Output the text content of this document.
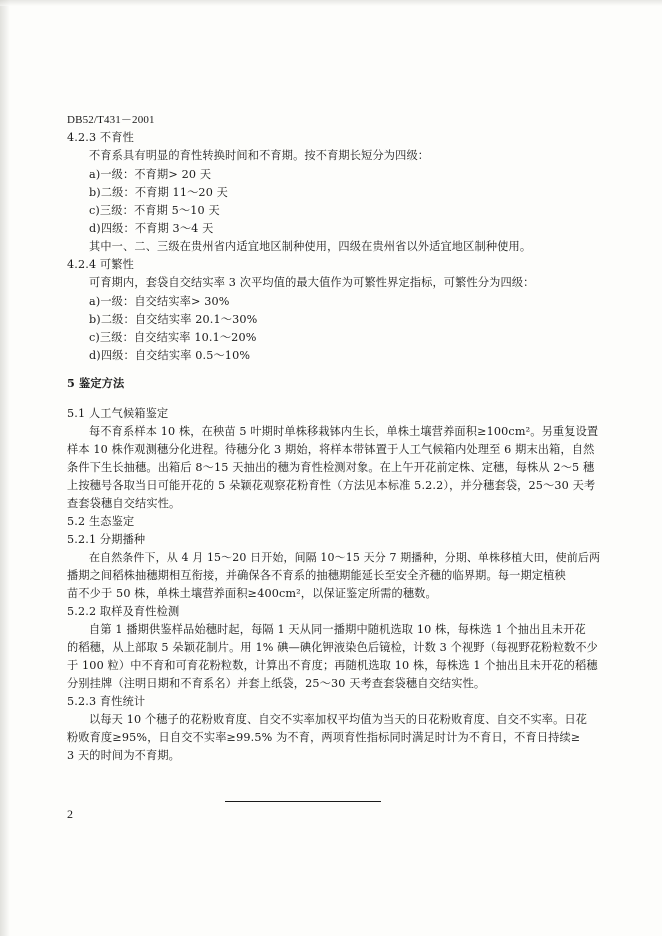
DB52/T431－2001
4.2.3 不育性
不育系具有明显的育性转换时间和不育期。按不育期长短分为四级：
a)一级：不育期> 20 天
b)二级：不育期 11～20 天
c)三级：不育期 5～10 天
d)四级：不育期 3～4 天
其中一、二、三级在贵州省内适宜地区制种使用，四级在贵州省以外适宜地区制种使用。
4.2.4 可繁性
可育期内，套袋自交结实率 3 次平均值的最大值作为可繁性界定指标，可繁性分为四级：
a)一级：自交结实率> 30%
b)二级：自交结实率 20.1～30%
c)三级：自交结实率 10.1～20%
d)四级：自交结实率 0.5～10%
5 鉴定方法
5.1 人工气候箱鉴定
每不育系样本 10 株，在秧苗 5 叶期时单株移栽钵内生长，单株土壤营养面积≥100cm²。另重复设置
样本 10 株作观测穗分化进程。待穗分化 3 期始，将样本带钵置于人工气候箱内处理至 6 期末出箱，自然
条件下生长抽穗。出箱后 8～15 天抽出的穗为育性检测对象。在上午开花前定株、定穗，每株从 2～5 穗
上按穗号各取当日可能开花的 5 朵颖花观察花粉育性（方法见本标准 5.2.2），并分穗套袋，25～30 天考
查套袋穗自交结实性。
5.2 生态鉴定
5.2.1 分期播种
在自然条件下，从 4 月 15～20 日开始，间隔 10～15 天分 7 期播种，分期、单株移植大田，使前后两
播期之间稻株抽穗期相互衔接，并确保各不育系的抽穗期能延长至安全齐穗的临界期。每一期定植秧
苗不少于 50 株，单株土壤营养面积≥400cm²，以保证鉴定所需的穗数。
5.2.2 取样及育性检测
自第 1 播期供鉴样品始穗时起，每隔 1 天从同一播期中随机选取 10 株，每株选 1 个抽出且未开花
的稻穗，从上部取 5 朵颖花制片。用 1% 碘—碘化钾液染色后镜检，计数 3 个视野（每视野花粉粒数不少
于 100 粒）中不育和可育花粉粒数，计算出不育度；再随机选取 10 株，每株选 1 个抽出且未开花的稻穗
分别挂牌（注明日期和不育系名）并套上纸袋，25～30 天考查套袋穗自交结实性。
5.2.3 育性统计
以每天 10 个穗子的花粉败育度、自交不实率加权平均值为当天的日花粉败育度、自交不实率。日花
粉败育度≥95%，日自交不实率≥99.5% 为不育，两项育性指标同时满足时计为不育日，不育日持续≥
3 天的时间为不育期。
2
